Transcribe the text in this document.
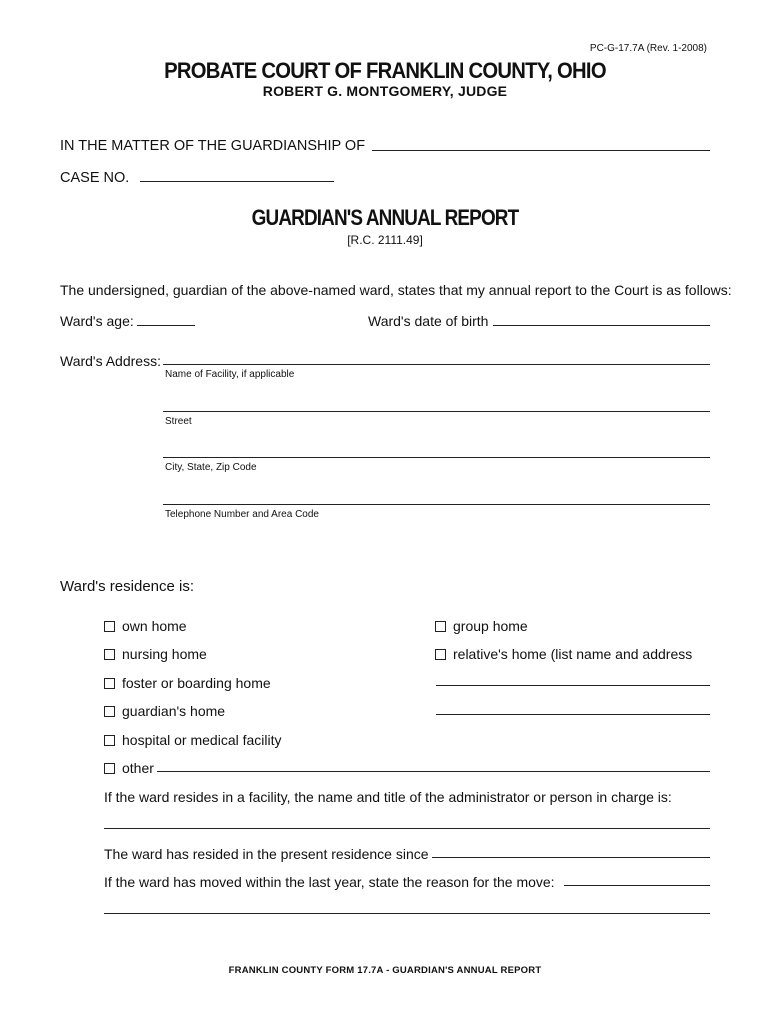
PC-G-17.7A (Rev. 1-2008)
PROBATE COURT OF FRANKLIN COUNTY, OHIO
ROBERT G. MONTGOMERY, JUDGE
IN THE MATTER OF THE GUARDIANSHIP OF
CASE NO.
GUARDIAN'S ANNUAL REPORT
[R.C. 2111.49]
The undersigned, guardian of the above-named ward, states that my annual report to the Court is as follows:
Ward's age:	Ward's date of birth
Ward's Address:
Name of Facility, if applicable
Street
City, State, Zip Code
Telephone Number and Area Code
Ward's residence is:
own home	group home
nursing home	relative's home (list name and address
foster or boarding home
guardian's home
hospital or medical facility
other
If the ward resides in a facility, the name and title of the administrator or person in charge is:
The ward has resided in the present residence since
If the ward has moved within the last year, state the reason for the move:
FRANKLIN COUNTY FORM 17.7A - GUARDIAN'S ANNUAL REPORT
